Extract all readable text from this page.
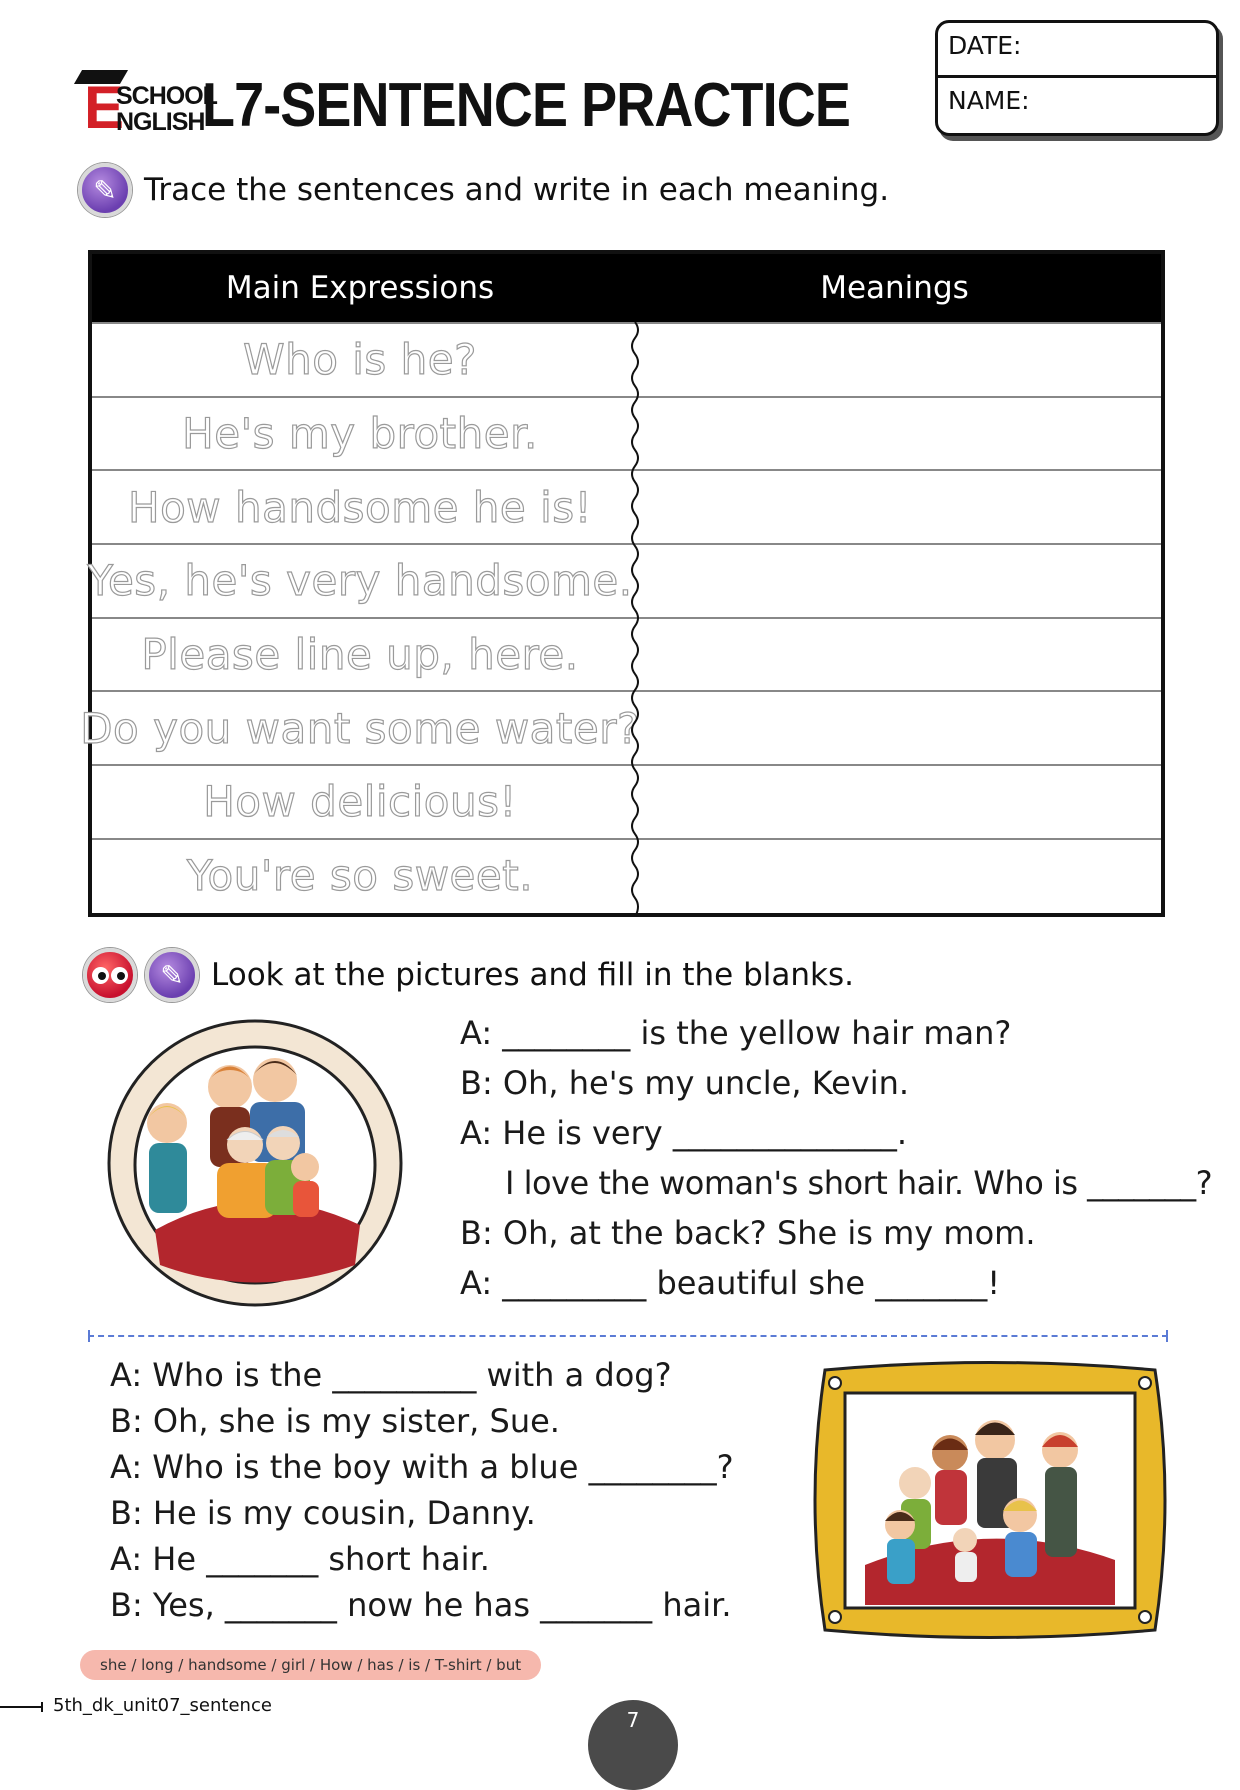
E
SCHOOL
NGLISH
L7-SENTENCE PRACTICE
DATE:
NAME:
✎ Trace the sentences and write in each meaning.
Main Expressions	Meanings
Who is he?
He's my brother.
How handsome he is!
Yes, he's very handsome.
Please line up, here.
Do you want some water?
How delicious!
You're so sweet.
✎ Look at the pictures and fill in the blanks.
A: ________ is the yellow hair man?
B: Oh, he's my uncle, Kevin.
A: He is very ______________.
I love the woman's short hair. Who is _______?
B: Oh, at the back? She is my mom.
A: _________ beautiful she _______!
A: Who is the _________ with a dog?
B: Oh, she is my sister, Sue.
A: Who is the boy with a blue ________?
B: He is my cousin, Danny.
A: He _______ short hair.
B: Yes, _______ now he has _______ hair.
she / long / handsome / girl / How / has / is / T-shirt / but
5th_dk_unit07_sentence
7
